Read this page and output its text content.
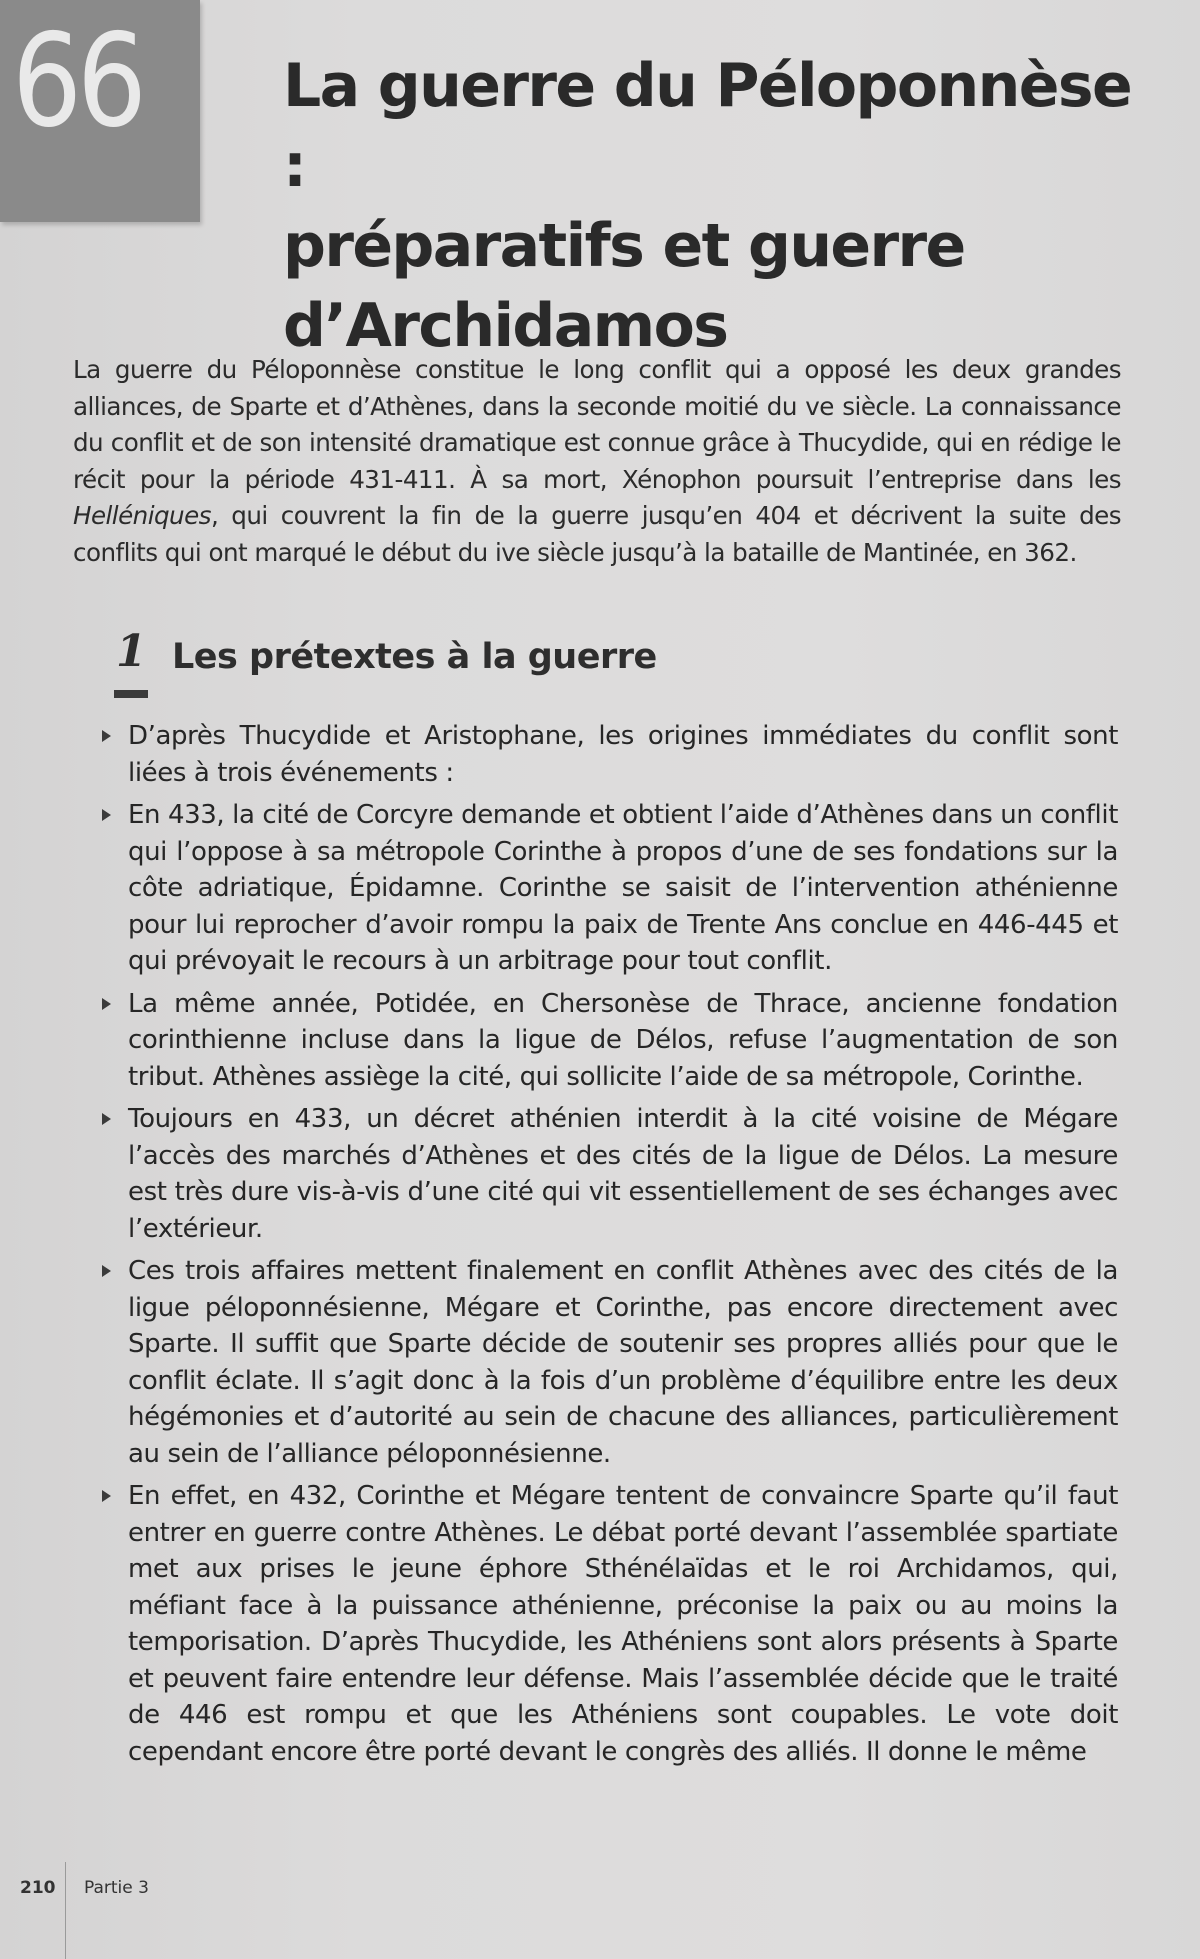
66 La guerre du Péloponnèse :
préparatifs et guerre
d’Archidamos

La guerre du Péloponnèse constitue le long conflit qui a opposé les deux grandes alliances, de Sparte et d’Athènes, dans la seconde moitié du ve siècle. La connaissance du conflit et de son intensité dramatique est connue grâce à Thucydide, qui en rédige le récit pour la période 431-411. À sa mort, Xénophon poursuit l’entreprise dans les Helléniques, qui couvrent la fin de la guerre jusqu’en 404 et décrivent la suite des conflits qui ont marqué le début du ive siècle jusqu’à la bataille de Mantinée, en 362.

1 Les prétextes à la guerre
D’après Thucydide et Aristophane, les origines immédiates du conflit sont liées à trois événements :
En 433, la cité de Corcyre demande et obtient l’aide d’Athènes dans un conflit qui l’oppose à sa métropole Corinthe à propos d’une de ses fondations sur la côte adriatique, Épidamne. Corinthe se saisit de l’intervention athénienne pour lui reprocher d’avoir rompu la paix de Trente Ans conclue en 446-445 et qui prévoyait le recours à un arbitrage pour tout conflit.
La même année, Potidée, en Chersonèse de Thrace, ancienne fondation corinthienne incluse dans la ligue de Délos, refuse l’augmentation de son tribut. Athènes assiège la cité, qui sollicite l’aide de sa métropole, Corinthe.
Toujours en 433, un décret athénien interdit à la cité voisine de Mégare l’accès des marchés d’Athènes et des cités de la ligue de Délos. La mesure est très dure vis-à-vis d’une cité qui vit essentiellement de ses échanges avec l’extérieur.
Ces trois affaires mettent finalement en conflit Athènes avec des cités de la ligue péloponnésienne, Mégare et Corinthe, pas encore directement avec Sparte. Il suffit que Sparte décide de soutenir ses propres alliés pour que le conflit éclate. Il s’agit donc à la fois d’un problème d’équilibre entre les deux hégémonies et d’autorité au sein de chacune des alliances, particulièrement au sein de l’alliance péloponnésienne.
En effet, en 432, Corinthe et Mégare tentent de convaincre Sparte qu’il faut entrer en guerre contre Athènes. Le débat porté devant l’assemblée spartiate met aux prises le jeune éphore Sthénélaïdas et le roi Archidamos, qui, méfiant face à la puissance athénienne, préconise la paix ou au moins la temporisation. D’après Thucydide, les Athéniens sont alors présents à Sparte et peuvent faire entendre leur défense. Mais l’assemblée décide que le traité de 446 est rompu et que les Athéniens sont coupables. Le vote doit cependant encore être porté devant le congrès des alliés. Il donne le même
210 Partie 3
